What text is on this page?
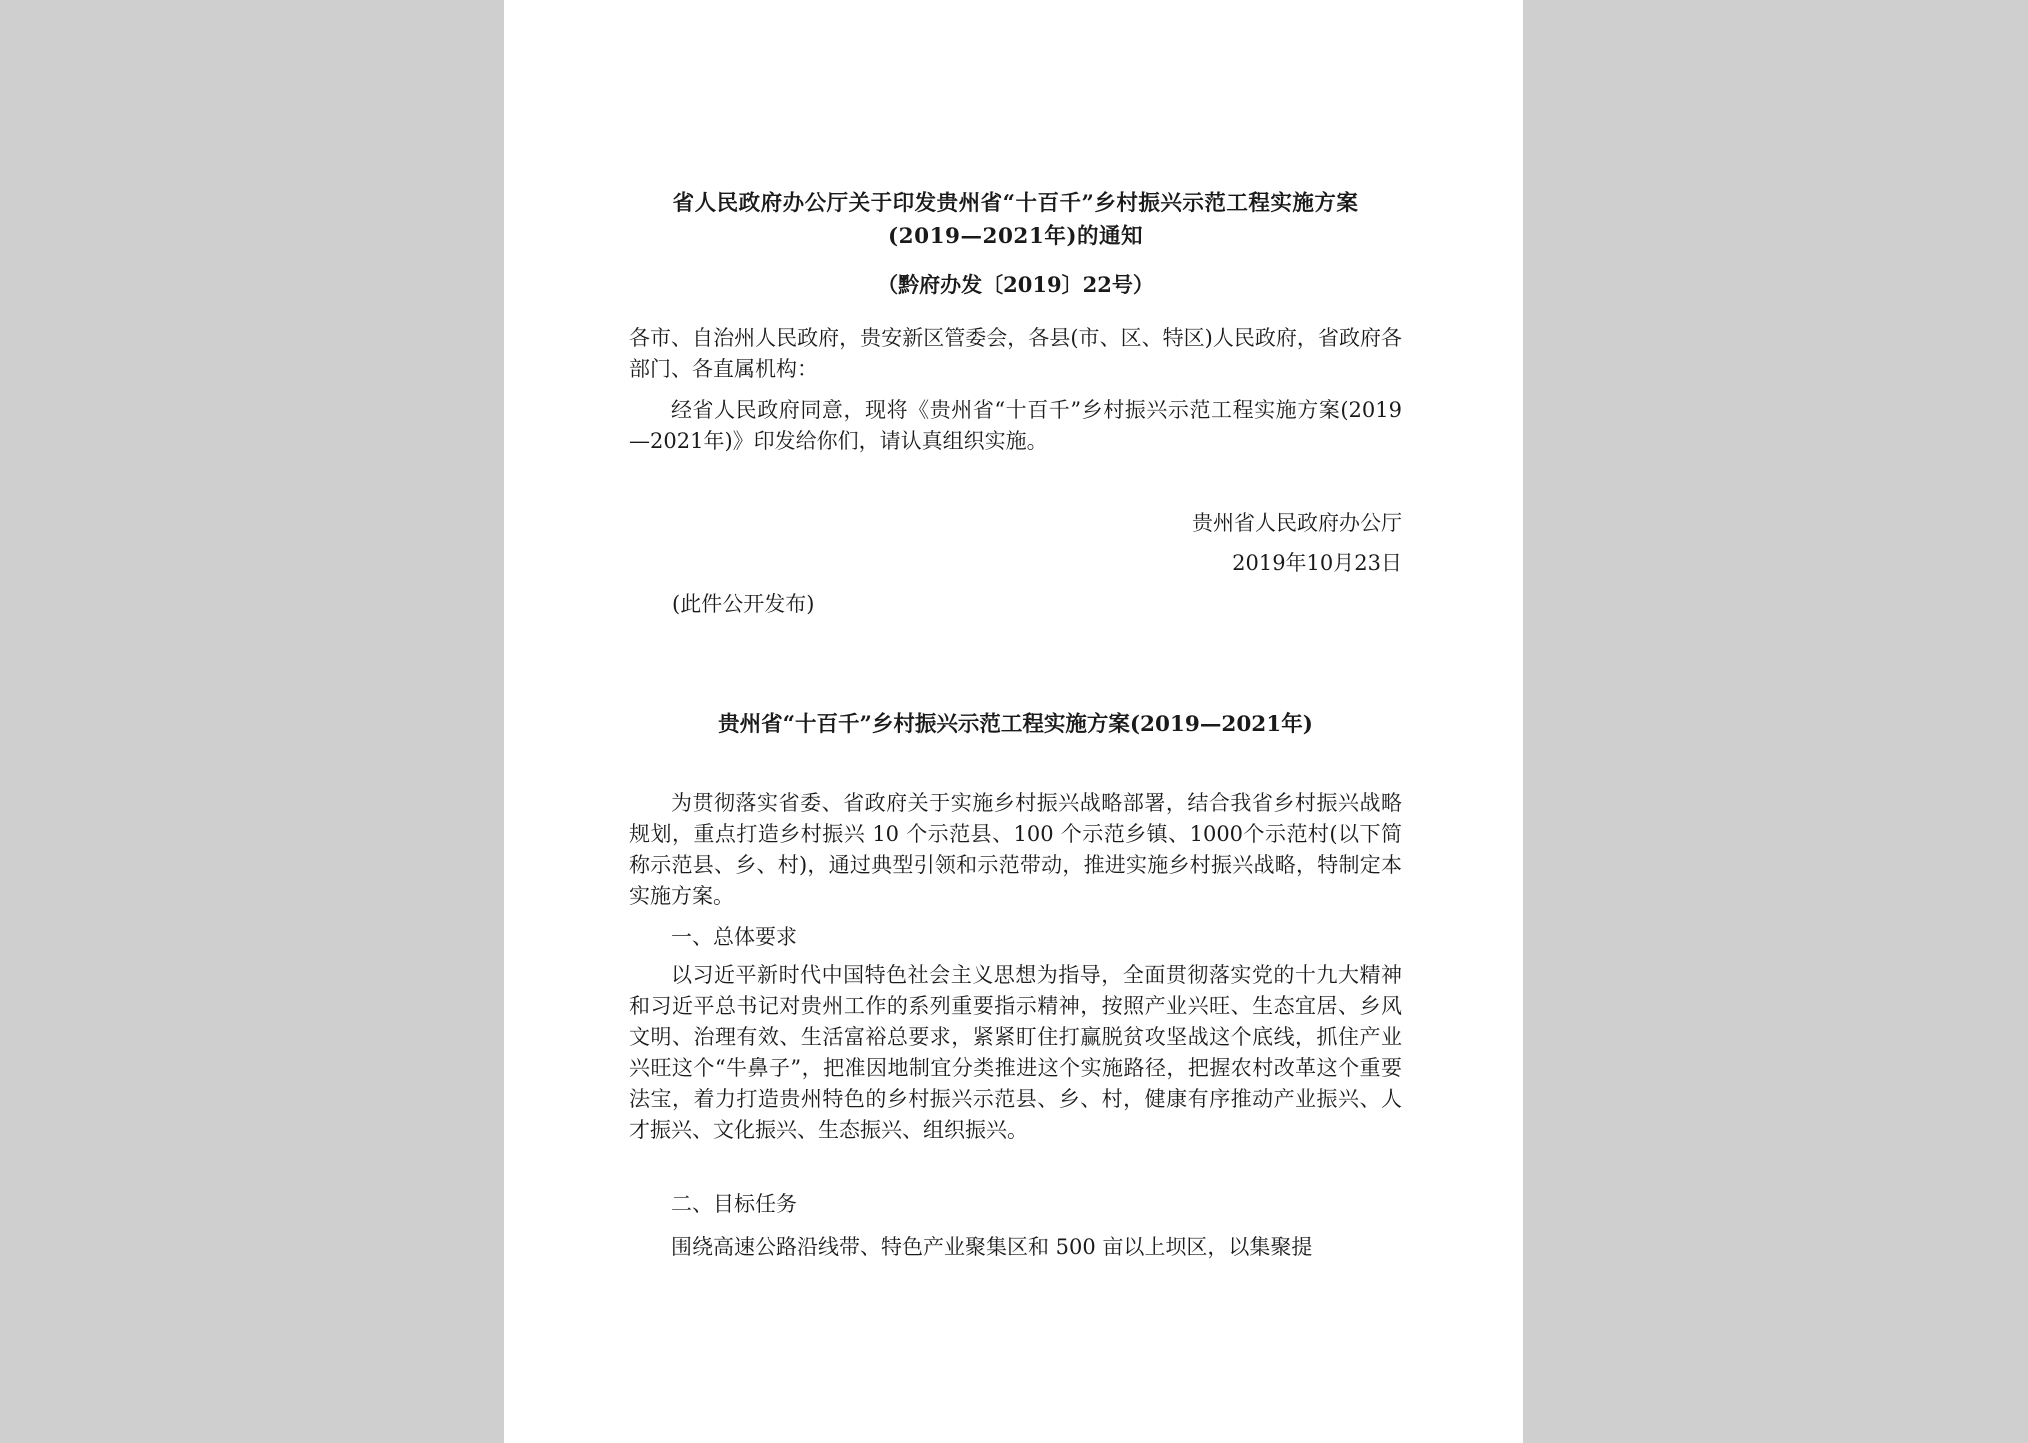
省人民政府办公厅关于印发贵州省“十百千”乡村振兴示范工程实施方案
(2019—2021年)的通知
（黔府办发〔2019〕22号）
各市、自治州人民政府，贵安新区管委会，各县(市、区、特区)人民政府，省政府各部门、各直属机构：
经省人民政府同意，现将《贵州省“十百千”乡村振兴示范工程实施方案(2019—2021年)》印发给你们，请认真组织实施。
贵州省人民政府办公厅
2019年10月23日
(此件公开发布)
贵州省“十百千”乡村振兴示范工程实施方案(2019—2021年)
为贯彻落实省委、省政府关于实施乡村振兴战略部署，结合我省乡村振兴战略规划，重点打造乡村振兴 10 个示范县、100 个示范乡镇、1000个示范村(以下简称示范县、乡、村)，通过典型引领和示范带动，推进实施乡村振兴战略，特制定本实施方案。
一、总体要求
以习近平新时代中国特色社会主义思想为指导，全面贯彻落实党的十九大精神和习近平总书记对贵州工作的系列重要指示精神，按照产业兴旺、生态宜居、乡风文明、治理有效、生活富裕总要求，紧紧盯住打赢脱贫攻坚战这个底线，抓住产业兴旺这个“牛鼻子”，把准因地制宜分类推进这个实施路径，把握农村改革这个重要法宝，着力打造贵州特色的乡村振兴示范县、乡、村，健康有序推动产业振兴、人才振兴、文化振兴、生态振兴、组织振兴。
二、目标任务
围绕高速公路沿线带、特色产业聚集区和 500 亩以上坝区，以集聚提
